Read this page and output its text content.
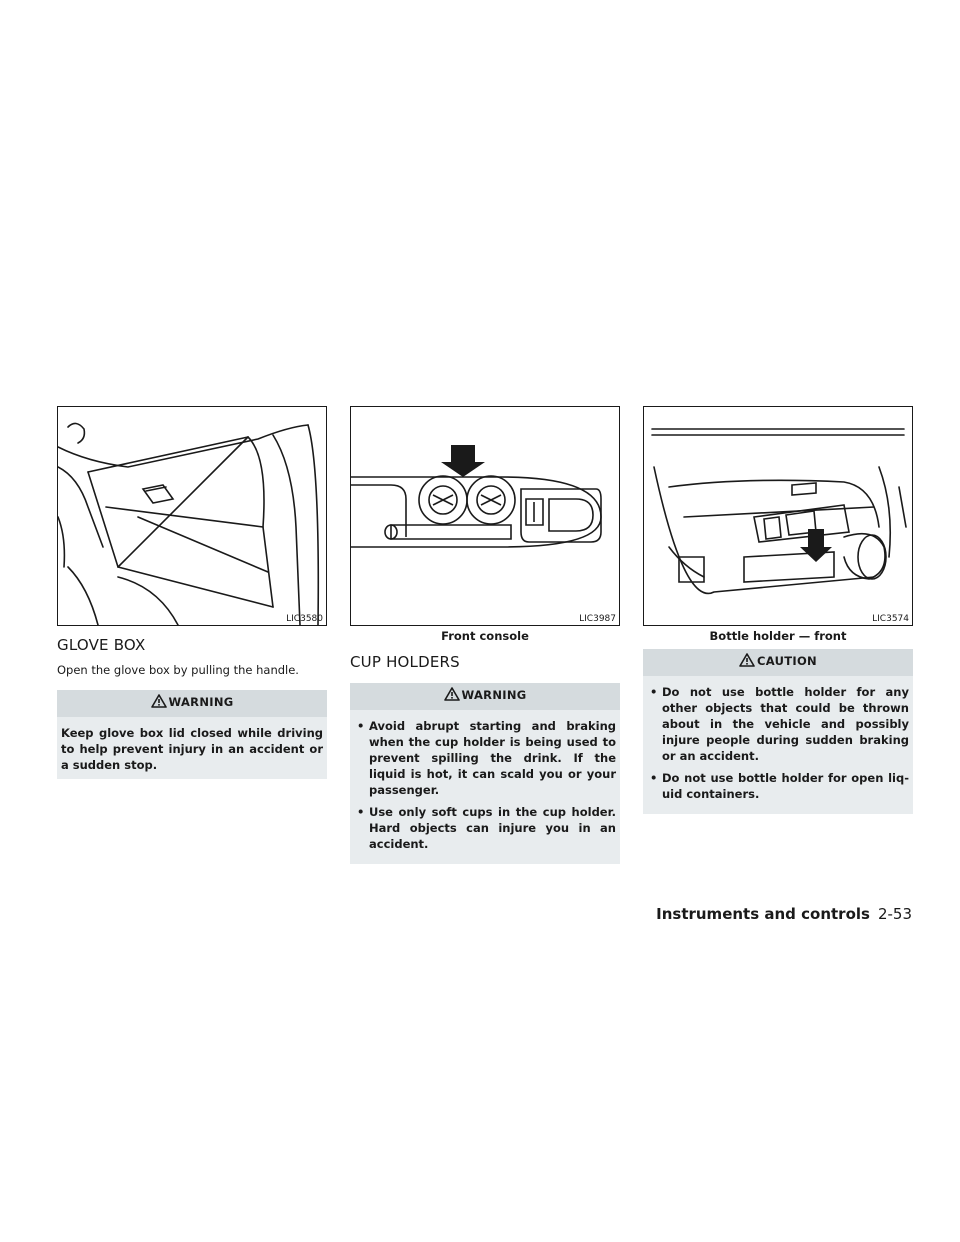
LIC3580
GLOVE BOX

Open the glove box by pulling the handle.

WARNING
Keep glove box lid closed while driving to help prevent injury in an accident or a sudden stop.
LIC3987
Front console
CUP HOLDERS
WARNING
• Avoid abrupt starting and braking when the cup holder is being used to prevent spilling the drink. If the liquid is hot, it can scald you or your passenger.
• Use only soft cups in the cup holder. Hard objects can injure you in an accident.
LIC3574
Bottle holder — front
CAUTION
• Do not use bottle holder for any other objects that could be thrown about in the vehicle and possibly injure people during sudden braking or an accident.
• Do not use bottle holder for open liq- uid containers.
Instruments and controls 2-53
